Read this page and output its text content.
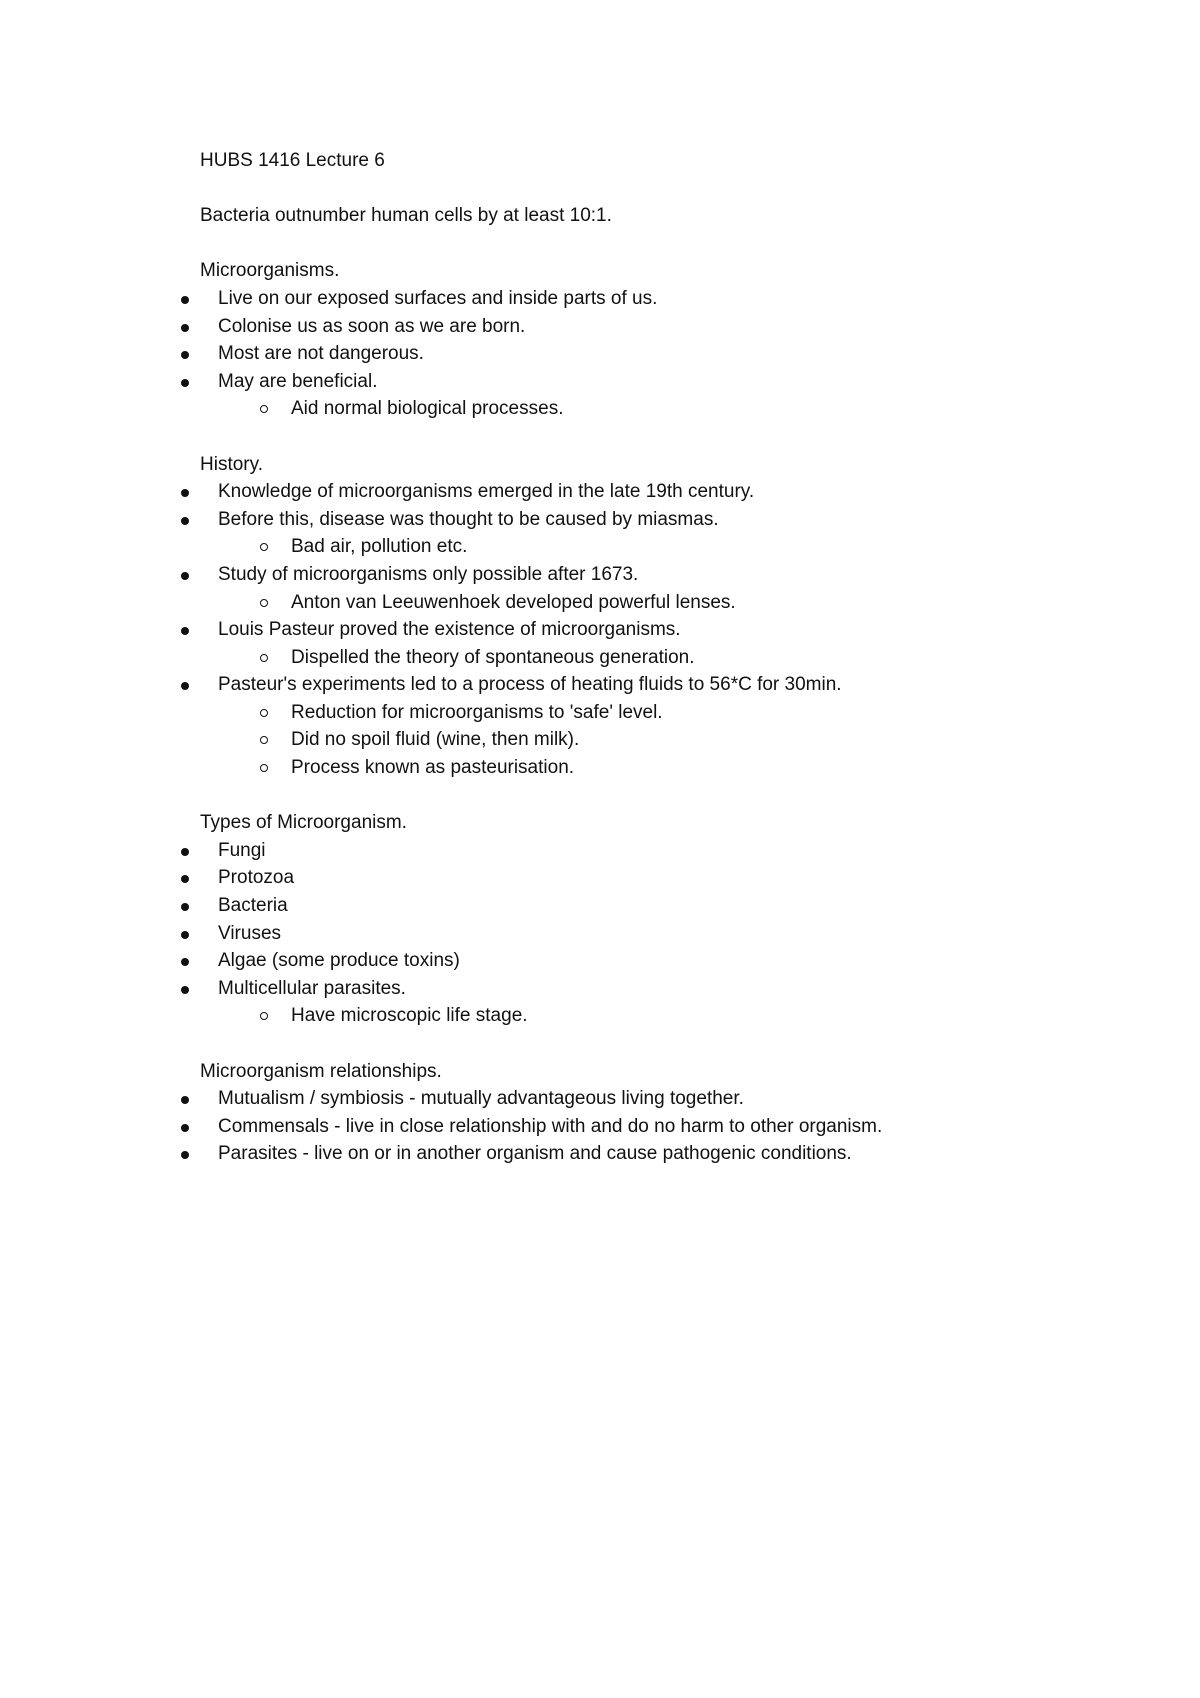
HUBS 1416 Lecture 6

Bacteria outnumber human cells by at least 10:1.

Microorganisms.

Live on our exposed surfaces and inside parts of us.
Colonise us as soon as we are born.
Most are not dangerous.
May are beneficial.
Aid normal biological processes.

History.

Knowledge of microorganisms emerged in the late 19th century.
Before this, disease was thought to be caused by miasmas.
Bad air, pollution etc.
Study of microorganisms only possible after 1673.
Anton van Leeuwenhoek developed powerful lenses.
Louis Pasteur proved the existence of microorganisms.
Dispelled the theory of spontaneous generation.
Pasteur's experiments led to a process of heating fluids to 56*C for 30min.
Reduction for microorganisms to 'safe' level.
Did no spoil fluid (wine, then milk).
Process known as pasteurisation.

Types of Microorganism.

Fungi
Protozoa
Bacteria
Viruses
Algae (some produce toxins)
Multicellular parasites.
Have microscopic life stage.

Microorganism relationships.

Mutualism / symbiosis - mutually advantageous living together.
Commensals - live in close relationship with and do no harm to other organism.
Parasites - live on or in another organism and cause pathogenic conditions.
